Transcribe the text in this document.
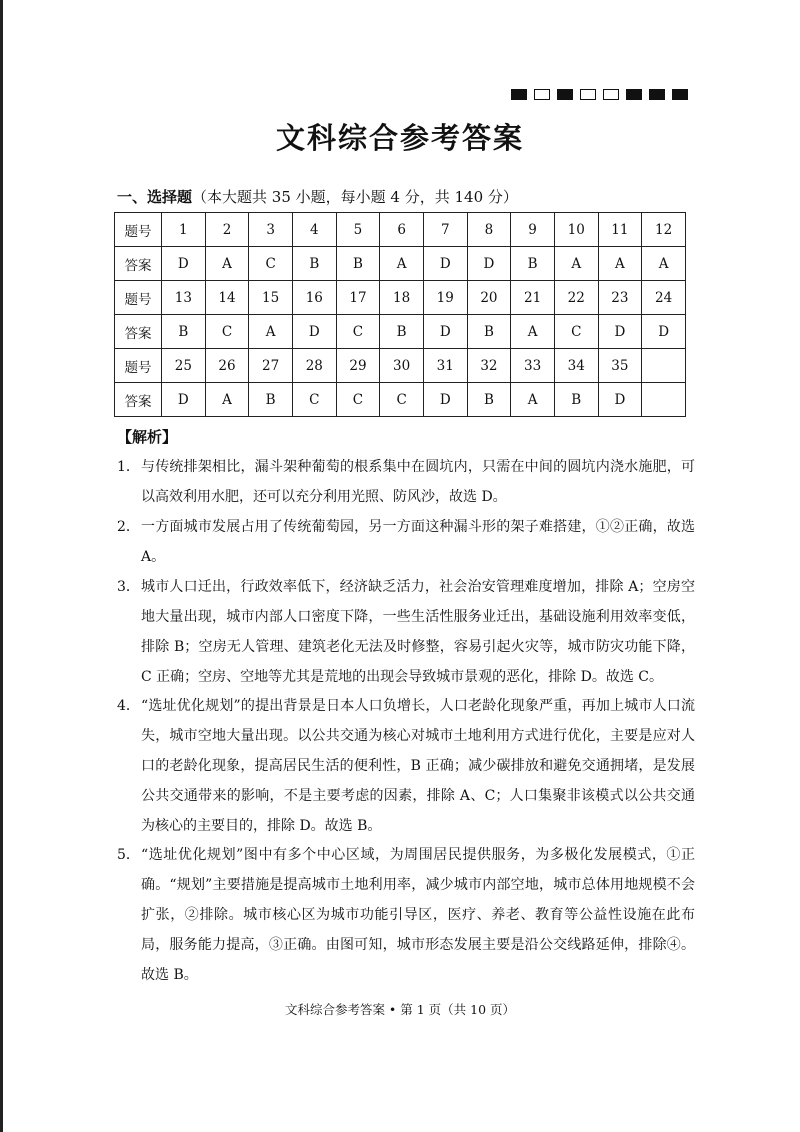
文科综合参考答案
一、选择题（本大题共 35 小题，每小题 4 分，共 140 分）
题号	1	2	3	4	5	6	7	8	9	10	11	12
答案	D	A	C	B	B	A	D	D	B	A	A	A
题号	13	14	15	16	17	18	19	20	21	22	23	24
答案	B	C	A	D	C	B	D	B	A	C	D	D
题号	25	26	27	28	29	30	31	32	33	34	35	
答案	D	A	B	C	C	C	D	B	A	B	D	
【解析】
1． 与传统排架相比，漏斗架种葡萄的根系集中在圆坑内，只需在中间的圆坑内浇水施肥，可以高效利用水肥，还可以充分利用光照、防风沙，故选 D。
2． 一方面城市发展占用了传统葡萄园，另一方面这种漏斗形的架子难搭建，①②正确，故选 A。
3． 城市人口迁出，行政效率低下，经济缺乏活力，社会治安管理难度增加，排除 A；空房空地大量出现，城市内部人口密度下降，一些生活性服务业迁出，基础设施利用效率变低，排除 B；空房无人管理、建筑老化无法及时修整，容易引起火灾等，城市防灾功能下降，C 正确；空房、空地等尤其是荒地的出现会导致城市景观的恶化，排除 D。故选 C。
4． “选址优化规划”的提出背景是日本人口负增长，人口老龄化现象严重，再加上城市人口流失，城市空地大量出现。以公共交通为核心对城市土地利用方式进行优化，主要是应对人口的老龄化现象，提高居民生活的便利性，B 正确；减少碳排放和避免交通拥堵，是发展公共交通带来的影响，不是主要考虑的因素，排除 A、C；人口集聚非该模式以公共交通为核心的主要目的，排除 D。故选 B。
5． “选址优化规划”图中有多个中心区域，为周围居民提供服务，为多极化发展模式，①正确。“规划”主要措施是提高城市土地利用率，减少城市内部空地，城市总体用地规模不会扩张，②排除。城市核心区为城市功能引导区，医疗、养老、教育等公益性设施在此布局，服务能力提高，③正确。由图可知，城市形态发展主要是沿公交线路延伸，排除④。故选 B。
文科综合参考答案 • 第 1 页（共 10 页）
